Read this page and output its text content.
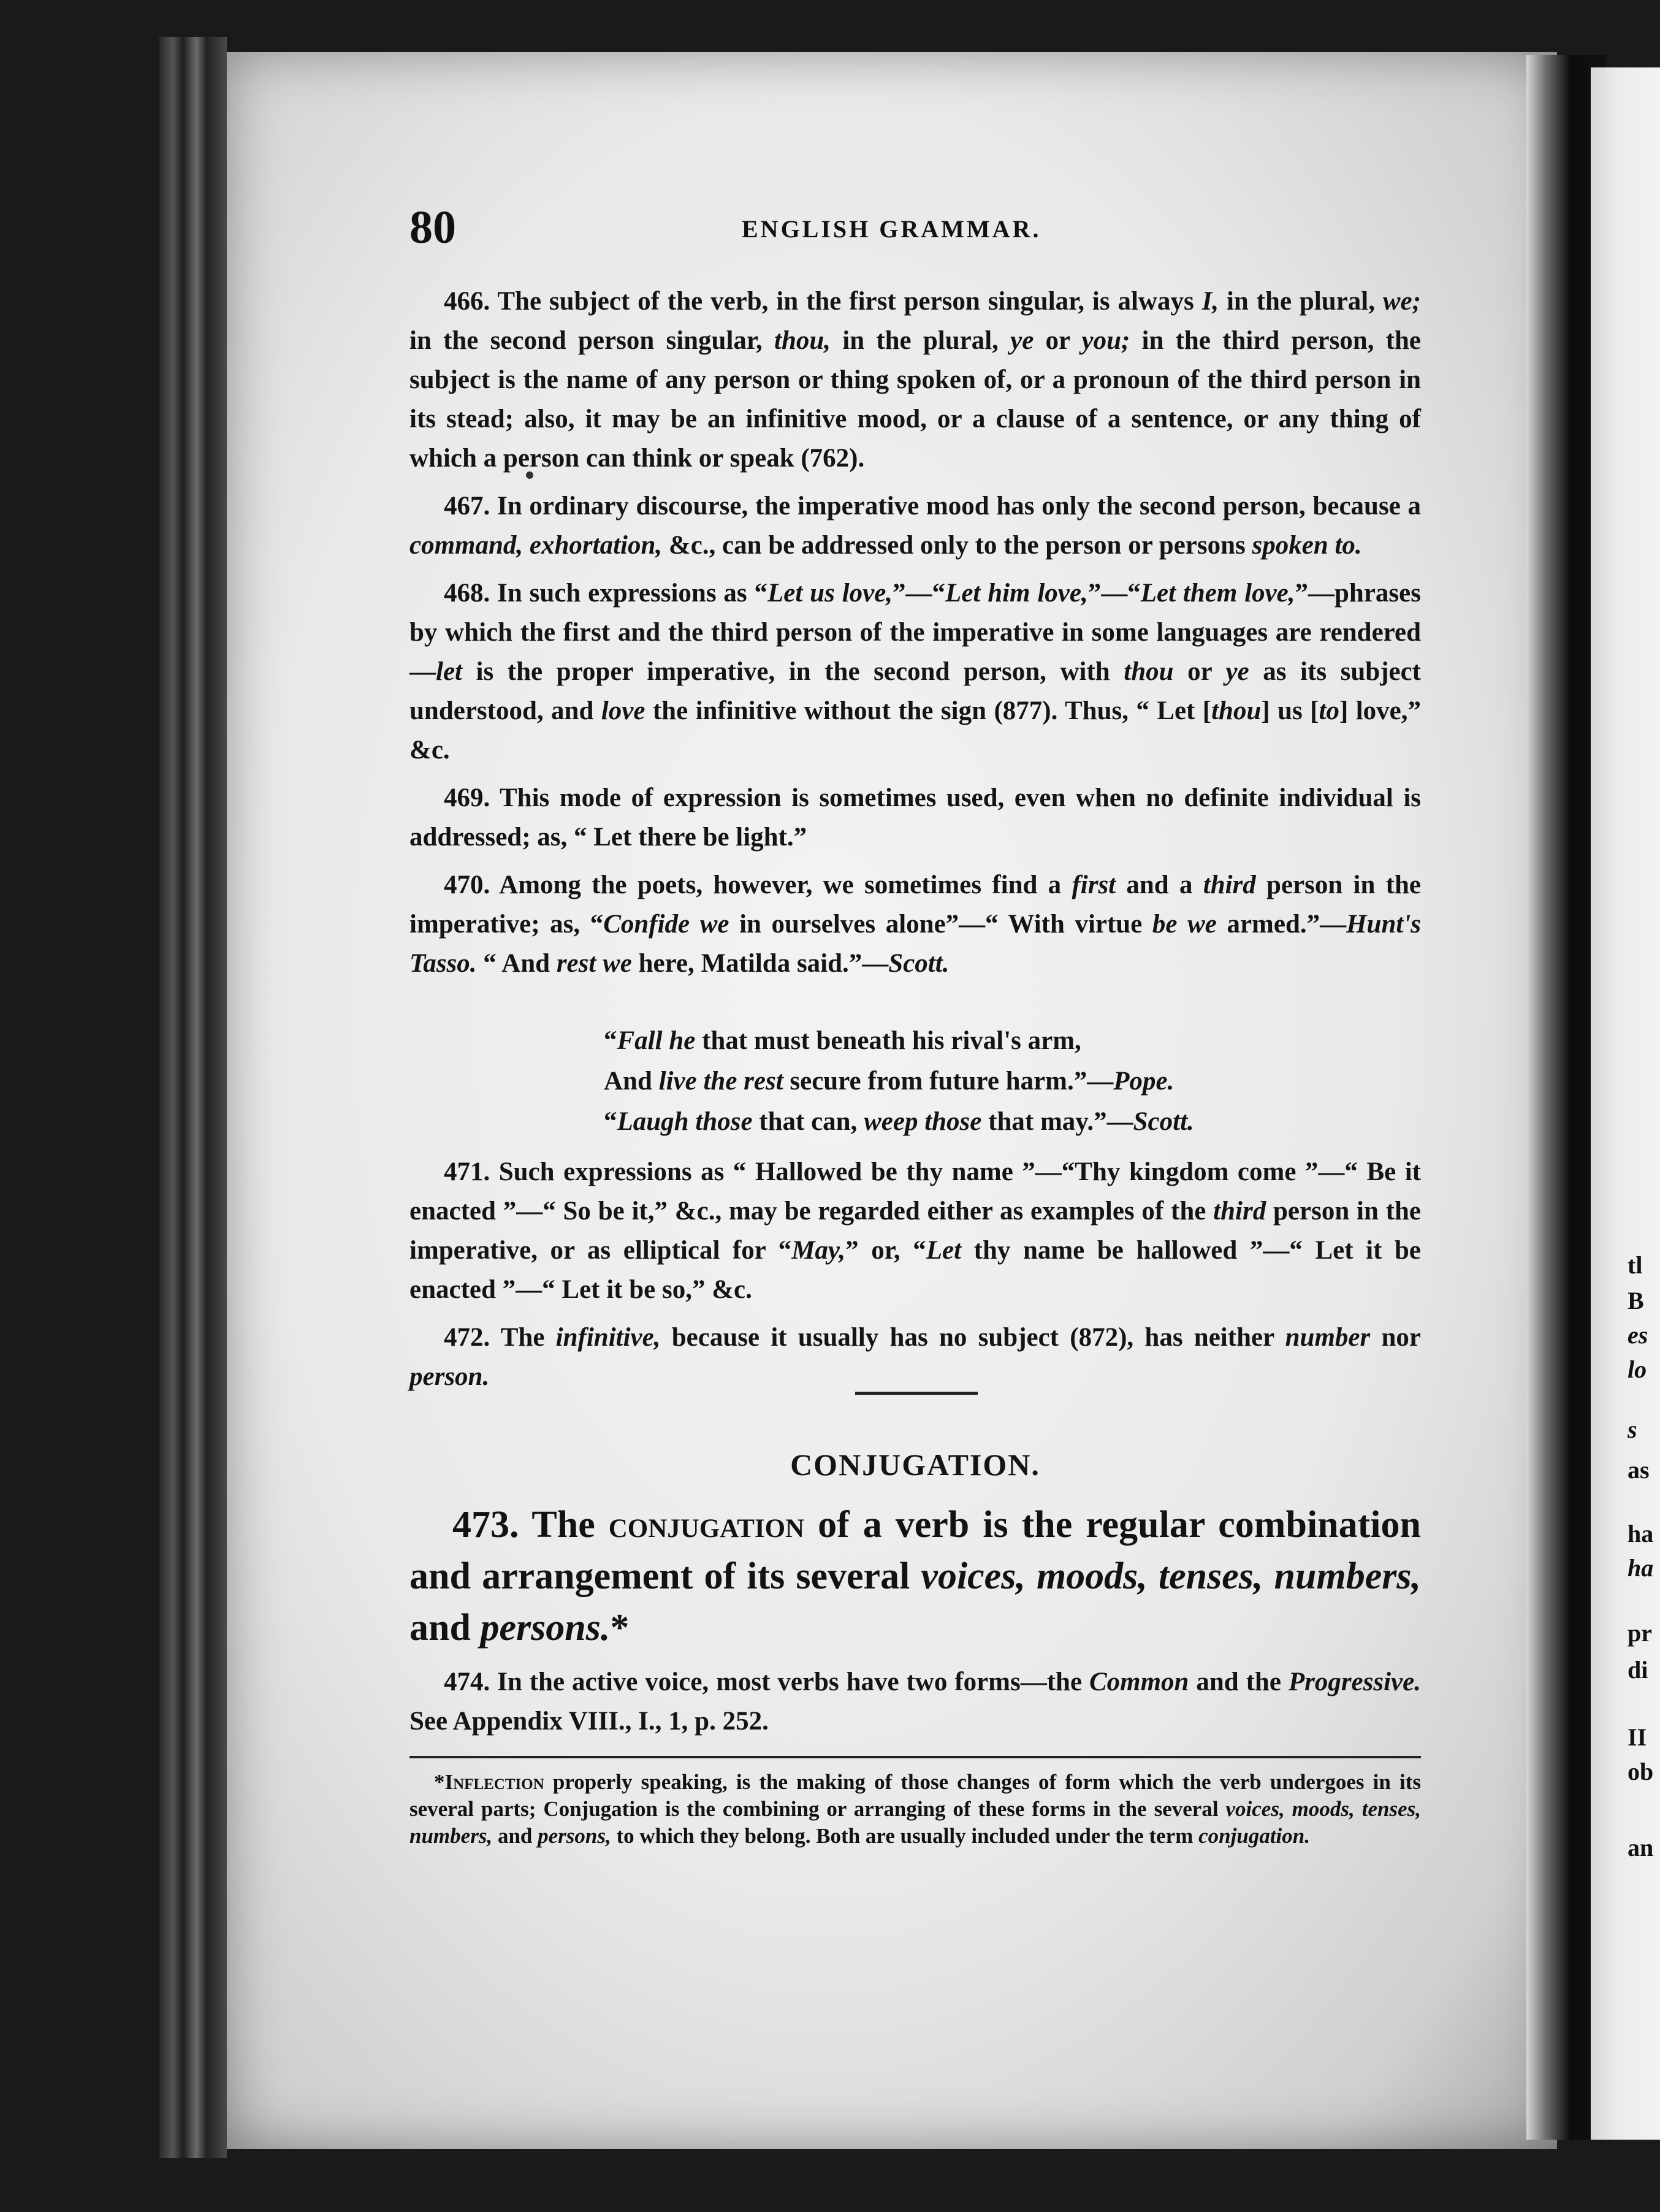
tl
B
es
lo
s
as
ha
ha
pr
di
II
ob
an
80	ENGLISH GRAMMAR.

466. The subject of the verb, in the first person singular, is always I, in the plural, we; in the second person singular, thou, in the plural, ye or you; in the third person, the subject is the name of any person or thing spoken of, or a pronoun of the third person in its stead; also, it may be an infinitive mood, or a clause of a sentence, or any thing of which a person can think or speak (762).

467. In ordinary discourse, the imperative mood has only the second person, because a command, exhortation, &c., can be addressed only to the person or persons spoken to.

468. In such expressions as “Let us love,”—“Let him love,”—“Let them love,”—phrases by which the first and the third person of the imperative in some languages are rendered—let is the proper imperative, in the second person, with thou or ye as its subject understood, and love the infinitive without the sign (877). Thus, “ Let [thou] us [to] love,” &c.

469. This mode of expression is sometimes used, even when no definite individual is addressed; as, “ Let there be light.”

470. Among the poets, however, we sometimes find a first and a third person in the imperative; as, “Confide we in ourselves alone”—“ With virtue be we armed.”—Hunt's Tasso. “ And rest we here, Matilda said.”—Scott.

“Fall he that must beneath his rival's arm,
And live the rest secure from future harm.”—Pope.
“Laugh those that can, weep those that may.”—Scott.

471. Such expressions as “ Hallowed be thy name ”—“Thy kingdom come ”—“ Be it enacted ”—“ So be it,” &c., may be regarded either as examples of the third person in the imperative, or as elliptical for “May,” or, “Let thy name be hallowed ”—“ Let it be enacted ”—“ Let it be so,” &c.

472. The infinitive, because it usually has no subject (872), has neither number nor person.

CONJUGATION.

473. The conjugation of a verb is the regular combination and arrangement of its several voices, moods, tenses, numbers, and persons.*

474. In the active voice, most verbs have two forms—the Common and the Progressive. See Appendix VIII., I., 1, p. 252.

*Inflection properly speaking, is the making of those changes of form which the verb undergoes in its several parts; Conjugation is the combining or arranging of these forms in the several voices, moods, tenses, numbers, and persons, to which they belong. Both are usually included under the term conjugation.
